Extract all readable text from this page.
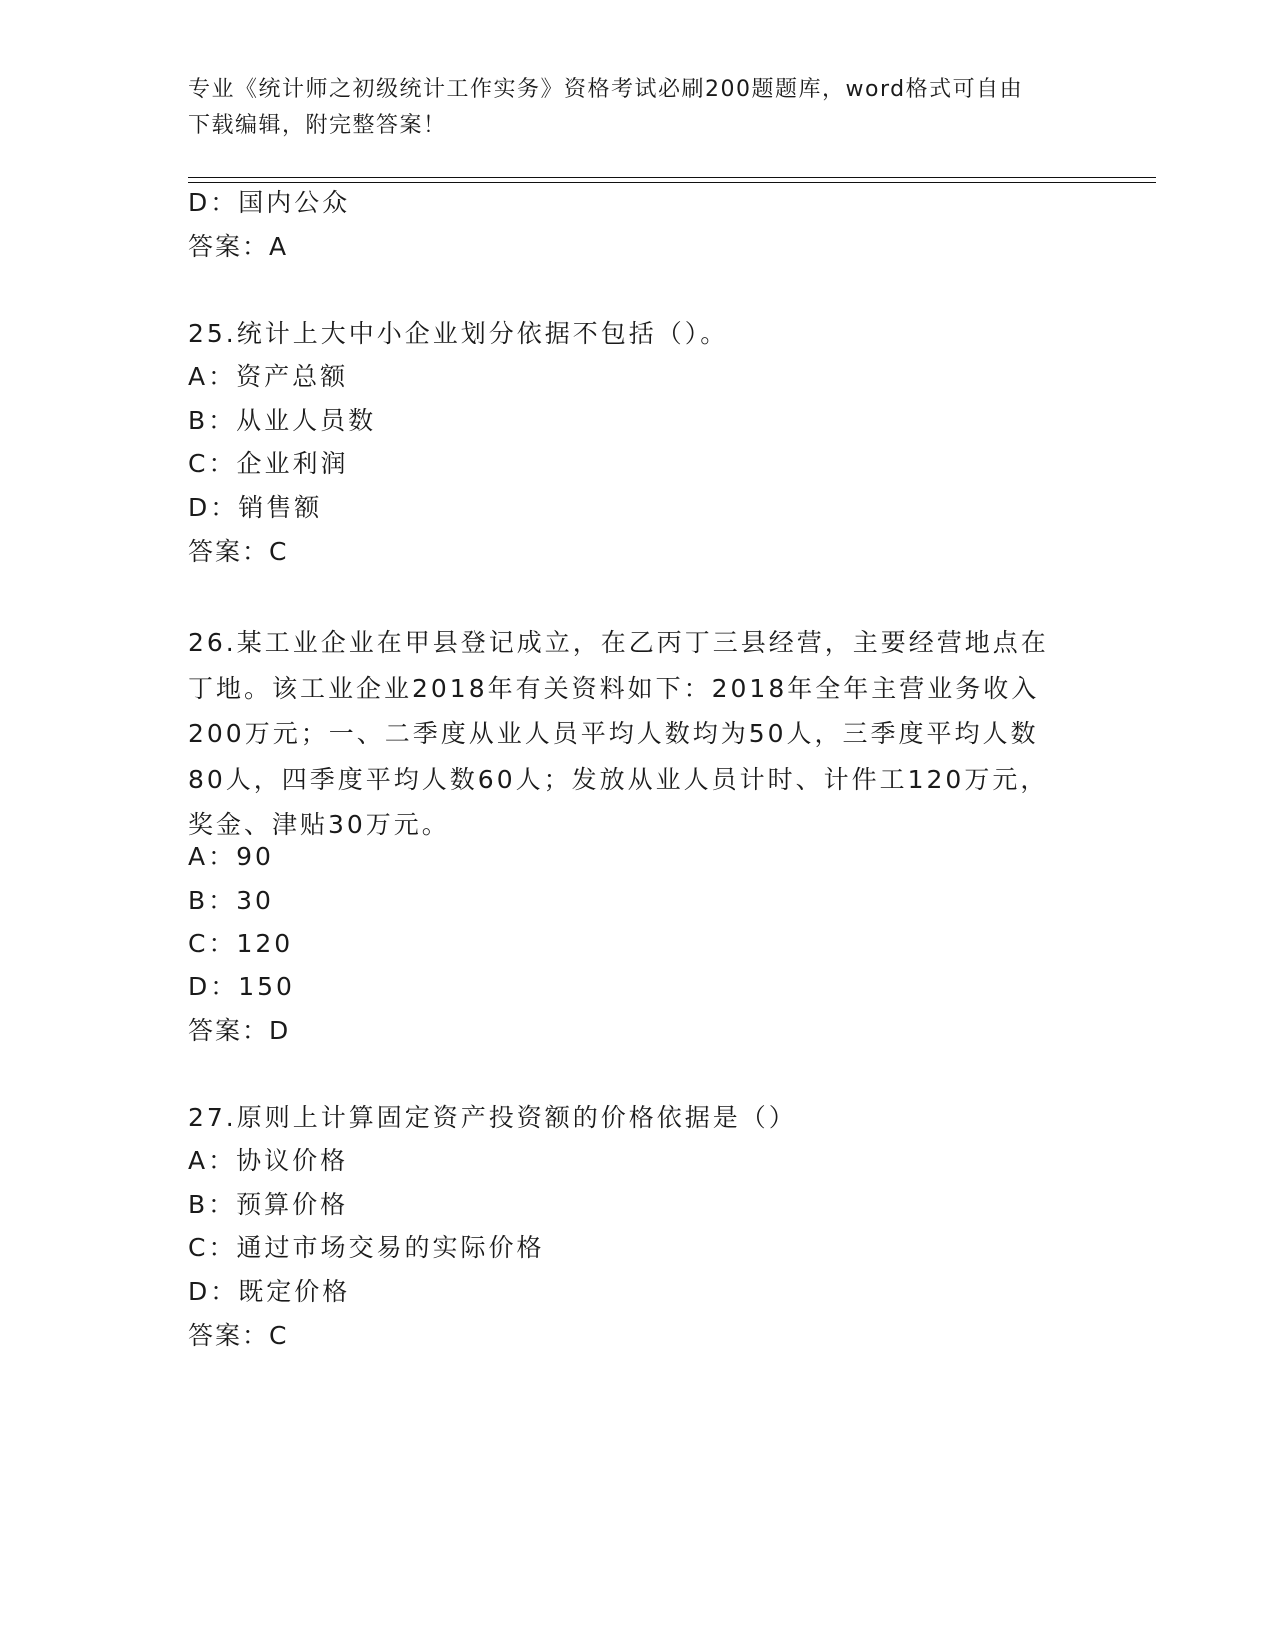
专业《统计师之初级统计工作实务》资格考试必刷200题题库，word格式可自由
下载编辑，附完整答案！
D：国内公众
答案：A
25.统计上大中小企业划分依据不包括（）。
A：资产总额
B：从业人员数
C：企业利润
D：销售额
答案：C
26.某工业企业在甲县登记成立，在乙丙丁三县经营，主要经营地点在
丁地。该工业企业2018年有关资料如下：2018年全年主营业务收入
200万元；一、二季度从业人员平均人数均为50人，三季度平均人数
80人，四季度平均人数60人；发放从业人员计时、计件工120万元，
奖金、津贴30万元。
A：90
B：30
C：120
D：150
答案：D
27.原则上计算固定资产投资额的价格依据是（）
A：协议价格
B：预算价格
C：通过市场交易的实际价格
D：既定价格
答案：C
